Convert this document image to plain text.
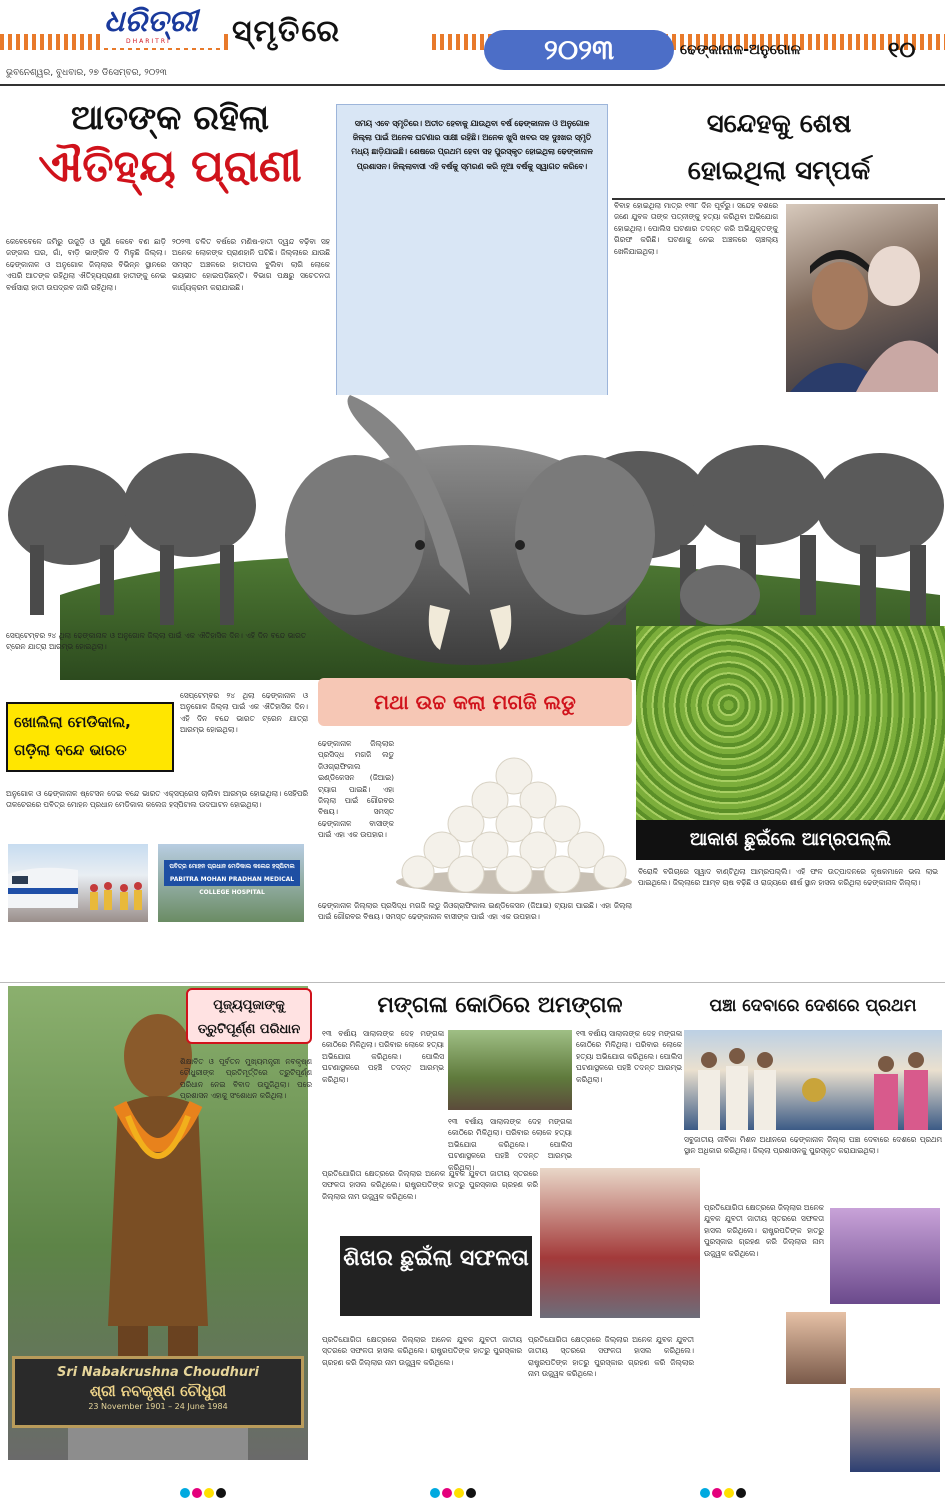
ଧରିତ୍ରୀ
DHARITRI	ସ୍ମୃତିରେ
୨୦୨୩	ଢେଙ୍କାନାଳ-ଅନୁଗୋଳ	୧୦
ଭୁବନେଶ୍ୱର, ବୁଧବାର, ୨୭ ଡିସେମ୍ବର, ୨୦୨୩
ଆତଙ୍କ ରହିଲା
ଐତିହ୍ୟ ପ୍ରାଣୀ
କେବେବେଳେ ଜମିରୁ ଉଜୁଡ଼ି ଓ ପୁଣି କେବେ ବଣ ଛାଡ଼ି ଜଙ୍ଗଲ ଘର, ଗାଁ, ବାଡ଼ି ଭାଙ୍ଗିବ ଦି ମିଳୁଛି ଜିଲ୍ଲା। ଢେଙ୍କାନାଳ ଓ ଅନୁଗୋଳ ଜିଲ୍ଲାର ବିଭିନ୍ନ ସ୍ଥାନରେ ଏପରି ଆତଙ୍କ ରହିଥିଲା ଐତିହ୍ୟପ୍ରାଣୀ ହାତୀଙ୍କୁ ନେଇ ବର୍ଷସାରା ହାତୀ ଉପଦ୍ରବ ଜାରି ରହିଥିଲା।
୨୦୨୩ ଚଳିତ ବର୍ଷରେ ମଣିଷ-ହାତୀ ଦ୍ୱନ୍ଦ ବଢ଼ିବା ସହ ଅନେକ ଲୋକଙ୍କ ପ୍ରାଣହାନି ଘଟିଛି। ଜିଲ୍ଲାରେ ଯାଉଛି ସମସ୍ତ ଅଞ୍ଚଳରେ ହାତୀପଲ ବୁଲିବା ଲାଗି ଲୋକେ ଭୟଭୀତ ହୋଇପଡ଼ିଛନ୍ତି। ବିଭାଗ ପକ୍ଷରୁ ସଚେତନତା କାର୍ଯ୍ୟକ୍ରମ କରାଯାଇଛି।
ସମୟ ଏବେ ସ୍ମୃତିରେ। ଅତୀତ ହେବାକୁ ଯାଉଥିବା ବର୍ଷ ଢେଙ୍କାନାଳ ଓ ଅନୁଗୋଳ ଜିଲ୍ଲା ପାଇଁ ଅନେକ ଘଟଣାର ସାକ୍ଷୀ ରହିଛି। ଅନେକ ଖୁସି ଖବର ସହ ଦୁଃଖର ସ୍ମୃତି ମଧ୍ୟ ଛାଡ଼ିଯାଇଛି। ଶେଷରେ ପ୍ରଥମ ହେବା ସହ ପୁରସ୍କୃତ ହୋଇଥିଲା ଢେଙ୍କାନାଳ ପ୍ରଶାସନ। ଜିଲ୍ଲାବାସୀ ଏହି ବର୍ଷକୁ ସ୍ମରଣ କରି ନୂଆ ବର୍ଷକୁ ସ୍ୱାଗତ କରିବେ।
ସନ୍ଦେହକୁ ଶେଷ
ହୋଇଥିଲା ସମ୍ପର୍କ
ବିବାହ ହୋଇଥିଲା ମାତ୍ର ୧୩୮ ଦିନ ପୂର୍ବରୁ। ସନ୍ଦେହ ବଶରେ ଜଣେ ଯୁବକ ତାଙ୍କ ପତ୍ନୀଙ୍କୁ ହତ୍ୟା କରିଥିବା ଅଭିଯୋଗ ହୋଇଥିଲା। ପୋଲିସ ଘଟଣାର ତଦନ୍ତ କରି ଅଭିଯୁକ୍ତଙ୍କୁ ଗିରଫ କରିଛି। ଘଟଣାକୁ ନେଇ ଅଞ୍ଚଳରେ ଚାଞ୍ଚଲ୍ୟ ଖେଳିଯାଇଥିଲା।
ସେପ୍ଟେମ୍ବର ୨୪ ଥିଲା ଢେଙ୍କାନାଳ ଓ ଅନୁଗୋଳ ଜିଲ୍ଲା ପାଇଁ ଏକ ଐତିହାସିକ ଦିନ। ଏହି ଦିନ ବନ୍ଦେ ଭାରତ ଟ୍ରେନ ଯାତ୍ରା ଆରମ୍ଭ ହୋଇଥିଲା।
ଖୋଲିଲା ମେଡିକାଲ, ଗଡ଼ିଲା ବନ୍ଦେ ଭାରତ
ସେପ୍ଟେମ୍ବର ୨୪ ଥିଲା ଢେଙ୍କାନାଳ ଓ ଅନୁଗୋଳ ଜିଲ୍ଲା ପାଇଁ ଏକ ଐତିହାସିକ ଦିନ। ଏହି ଦିନ ବନ୍ଦେ ଭାରତ ଟ୍ରେନ ଯାତ୍ରା ଆରମ୍ଭ ହୋଇଥିଲା।
ଅନୁଗୋଳ ଓ ଢେଙ୍କାନାଳ ଷ୍ଟେସନ ଦେଇ ବନ୍ଦେ ଭାରତ ଏକ୍ସପ୍ରେସ ଚାଲିବା ଆରମ୍ଭ ହୋଇଥିଲା। ସେହିପରି ତାଳଚେରରେ ପବିତ୍ର ମୋହନ ପ୍ରଧାନ ମେଡିକାଲ କଲେଜ ହସ୍ପିଟାଲ ଉଦଘାଟନ ହୋଇଥିଲା।
ପବିତ୍ର ମୋହନ ପ୍ରଧାନ ମେଡିକାଲ କଲେଜ ହସ୍ପିଟାଲ
PABITRA MOHAN PRADHAN MEDICAL COLLEGE HOSPITAL
ମଥା ଉଚ୍ଚ କଲା ମଗଜି ଲଡୁ
ଢେଙ୍କାନାଳ ଜିଲ୍ଲାର ପ୍ରସିଦ୍ଧ ମଗଜି ଲଡୁ ଜିଓଗ୍ରାଫିକାଲ ଇଣ୍ଡିକେସନ (ଜିଆଇ) ଟ୍ୟାଗ ପାଇଛି। ଏହା ଜିଲ୍ଲା ପାଇଁ ଗୌରବର ବିଷୟ। ସମସ୍ତ ଢେଙ୍କାନାଳ ବାସୀଙ୍କ ପାଇଁ ଏହା ଏକ ଉପହାର।
ଢେଙ୍କାନାଳ ଜିଲ୍ଲାର ପ୍ରସିଦ୍ଧ ମଗଜି ଲଡୁ ଜିଓଗ୍ରାଫିକାଲ ଇଣ୍ଡିକେସନ (ଜିଆଇ) ଟ୍ୟାଗ ପାଇଛି। ଏହା ଜିଲ୍ଲା ପାଇଁ ଗୌରବର ବିଷୟ। ସମସ୍ତ ଢେଙ୍କାନାଳ ବାସୀଙ୍କ ପାଇଁ ଏହା ଏକ ଉପହାର।
ଆକାଶ ଛୁଇଁଲେ ଆମ୍ରପଲ୍ଲି
ବିରୋଳି ବଗିଚାରେ ସ୍ୱାଦ ବାଣ୍ଟିଥିଲା ଆମ୍ରପଲ୍ଲି। ଏହି ଫଳ ଉତ୍ପାଦନରେ କୃଷକମାନେ ଭଲ ଲାଭ ପାଇଥିଲେ। ଜିଲ୍ଲାରେ ଆମ୍ବ ଚାଷ ବଢ଼ିଛି ଓ ରାଜ୍ୟରେ ଶୀର୍ଷ ସ୍ଥାନ ହାସଲ କରିଥିଲା ଢେଙ୍କାନାଳ ଜିଲ୍ଲା।
ପୂଜ୍ୟପୂଜାଙ୍କୁ ତ୍ରୁଟିପୂର୍ଣ୍ଣ ପରିଧାନ
ଶିକ୍ଷାବିତ ଓ ପୂର୍ବତନ ମୁଖ୍ୟମନ୍ତ୍ରୀ ନବକୃଷ୍ଣ ଚୌଧୁରୀଙ୍କ ପ୍ରତିମୂର୍ତ୍ତିରେ ତ୍ରୁଟିପୂର୍ଣ୍ଣ ପରିଧାନ ନେଇ ବିବାଦ ଉପୁଜିଥିଲା। ପରେ ପ୍ରଶାସନ ଏହାକୁ ସଂଶୋଧନ କରିଥିଲା।
Sri Nabakrushna Choudhuri
ଶ୍ରୀ ନବକୃଷ୍ଣ ଚୌଧୁରୀ
23 November 1901 – 24 June 1984
ମଙ୍ଗଳା କୋଠିରେ ଅମଙ୍ଗଳ
୧୩ ବର୍ଷୀୟ ସାଲାଲଙ୍କ ଦେହ ମଙ୍ଗଳା କୋଠିରେ ମିଳିଥିଲା। ପରିବାର ଲୋକେ ହତ୍ୟା ଅଭିଯୋଗ କରିଥିଲେ। ପୋଲିସ ଘଟଣାସ୍ଥଳରେ ପହଞ୍ଚି ତଦନ୍ତ ଆରମ୍ଭ କରିଥିଲା।
୧୩ ବର୍ଷୀୟ ସାଲାଲଙ୍କ ଦେହ ମଙ୍ଗଳା କୋଠିରେ ମିଳିଥିଲା। ପରିବାର ଲୋକେ ହତ୍ୟା ଅଭିଯୋଗ କରିଥିଲେ। ପୋଲିସ ଘଟଣାସ୍ଥଳରେ ପହଞ୍ଚି ତଦନ୍ତ ଆରମ୍ଭ କରିଥିଲା।
୧୩ ବର୍ଷୀୟ ସାଲାଲଙ୍କ ଦେହ ମଙ୍ଗଳା କୋଠିରେ ମିଳିଥିଲା। ପରିବାର ଲୋକେ ହତ୍ୟା ଅଭିଯୋଗ କରିଥିଲେ। ପୋଲିସ ଘଟଣାସ୍ଥଳରେ ପହଞ୍ଚି ତଦନ୍ତ ଆରମ୍ଭ କରିଥିଲା।
ପଞ୍ଚା ଦେବାରେ ଦେଶରେ ପ୍ରଥମ
ସବୁଜାତୀୟ ଜୀବିକା ମିଶନ ଅଧୀନରେ ଢେଙ୍କାନାଳ ଜିଲ୍ଲା ପଞ୍ଚା ଦେବାରେ ଦେଶରେ ପ୍ରଥମ ସ୍ଥାନ ଅଧିକାର କରିଥିଲା। ଜିଲ୍ଲା ପ୍ରଶାସନକୁ ପୁରସ୍କୃତ କରାଯାଇଥିଲା।
ଶିଖର ଛୁଇଁଲା ସଫଳତା
ପ୍ରତିଯୋଗିତା କ୍ଷେତ୍ରରେ ଜିଲ୍ଲାର ଅନେକ ଯୁବକ ଯୁବତୀ ଜାତୀୟ ସ୍ତରରେ ସଫଳତା ହାସଲ କରିଥିଲେ। ରାଷ୍ଟ୍ରପତିଙ୍କ ହାତରୁ ପୁରସ୍କାର ଗ୍ରହଣ କରି ଜିଲ୍ଲାର ନାମ ଉଜ୍ଜ୍ୱଳ କରିଥିଲେ।
ପ୍ରତିଯୋଗିତା କ୍ଷେତ୍ରରେ ଜିଲ୍ଲାର ଅନେକ ଯୁବକ ଯୁବତୀ ଜାତୀୟ ସ୍ତରରେ ସଫଳତା ହାସଲ କରିଥିଲେ। ରାଷ୍ଟ୍ରପତିଙ୍କ ହାତରୁ ପୁରସ୍କାର ଗ୍ରହଣ କରି ଜିଲ୍ଲାର ନାମ ଉଜ୍ଜ୍ୱଳ କରିଥିଲେ।
ପ୍ରତିଯୋଗିତା କ୍ଷେତ୍ରରେ ଜିଲ୍ଲାର ଅନେକ ଯୁବକ ଯୁବତୀ ଜାତୀୟ ସ୍ତରରେ ସଫଳତା ହାସଲ କରିଥିଲେ। ରାଷ୍ଟ୍ରପତିଙ୍କ ହାତରୁ ପୁରସ୍କାର ଗ୍ରହଣ କରି ଜିଲ୍ଲାର ନାମ ଉଜ୍ଜ୍ୱଳ କରିଥିଲେ।
ପ୍ରତିଯୋଗିତା କ୍ଷେତ୍ରରେ ଜିଲ୍ଲାର ଅନେକ ଯୁବକ ଯୁବତୀ ଜାତୀୟ ସ୍ତରରେ ସଫଳତା ହାସଲ କରିଥିଲେ। ରାଷ୍ଟ୍ରପତିଙ୍କ ହାତରୁ ପୁରସ୍କାର ଗ୍ରହଣ କରି ଜିଲ୍ଲାର ନାମ ଉଜ୍ଜ୍ୱଳ କରିଥିଲେ।
